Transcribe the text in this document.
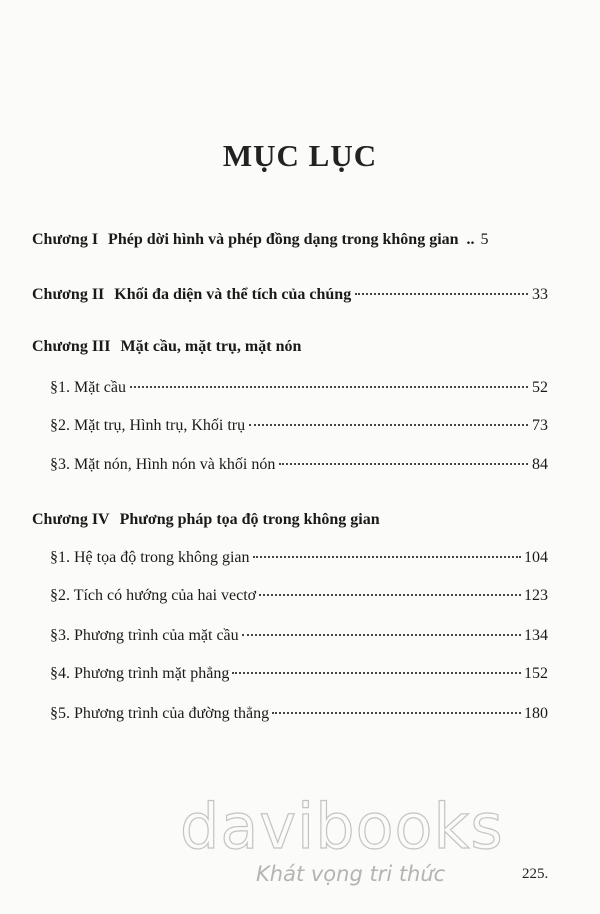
MỤC LỤC
Chương I Phép dời hình và phép đồng dạng trong không gian .. 5
Chương II Khối đa diện và thể tích của chúng	33
Chương III Mặt cầu, mặt trụ, mặt nón
§1. Mặt cầu	52
§2. Mặt trụ, Hình trụ, Khối trụ	73
§3. Mặt nón, Hình nón và khối nón	84
Chương IV Phương pháp tọa độ trong không gian
§1. Hệ tọa độ trong không gian	104
§2. Tích có hướng của hai vectơ	123
§3. Phương trình của mặt cầu	134
§4. Phương trình mặt phẳng	152
§5. Phương trình của đường thẳng	180
davibooks
Khát vọng tri thức	225.
